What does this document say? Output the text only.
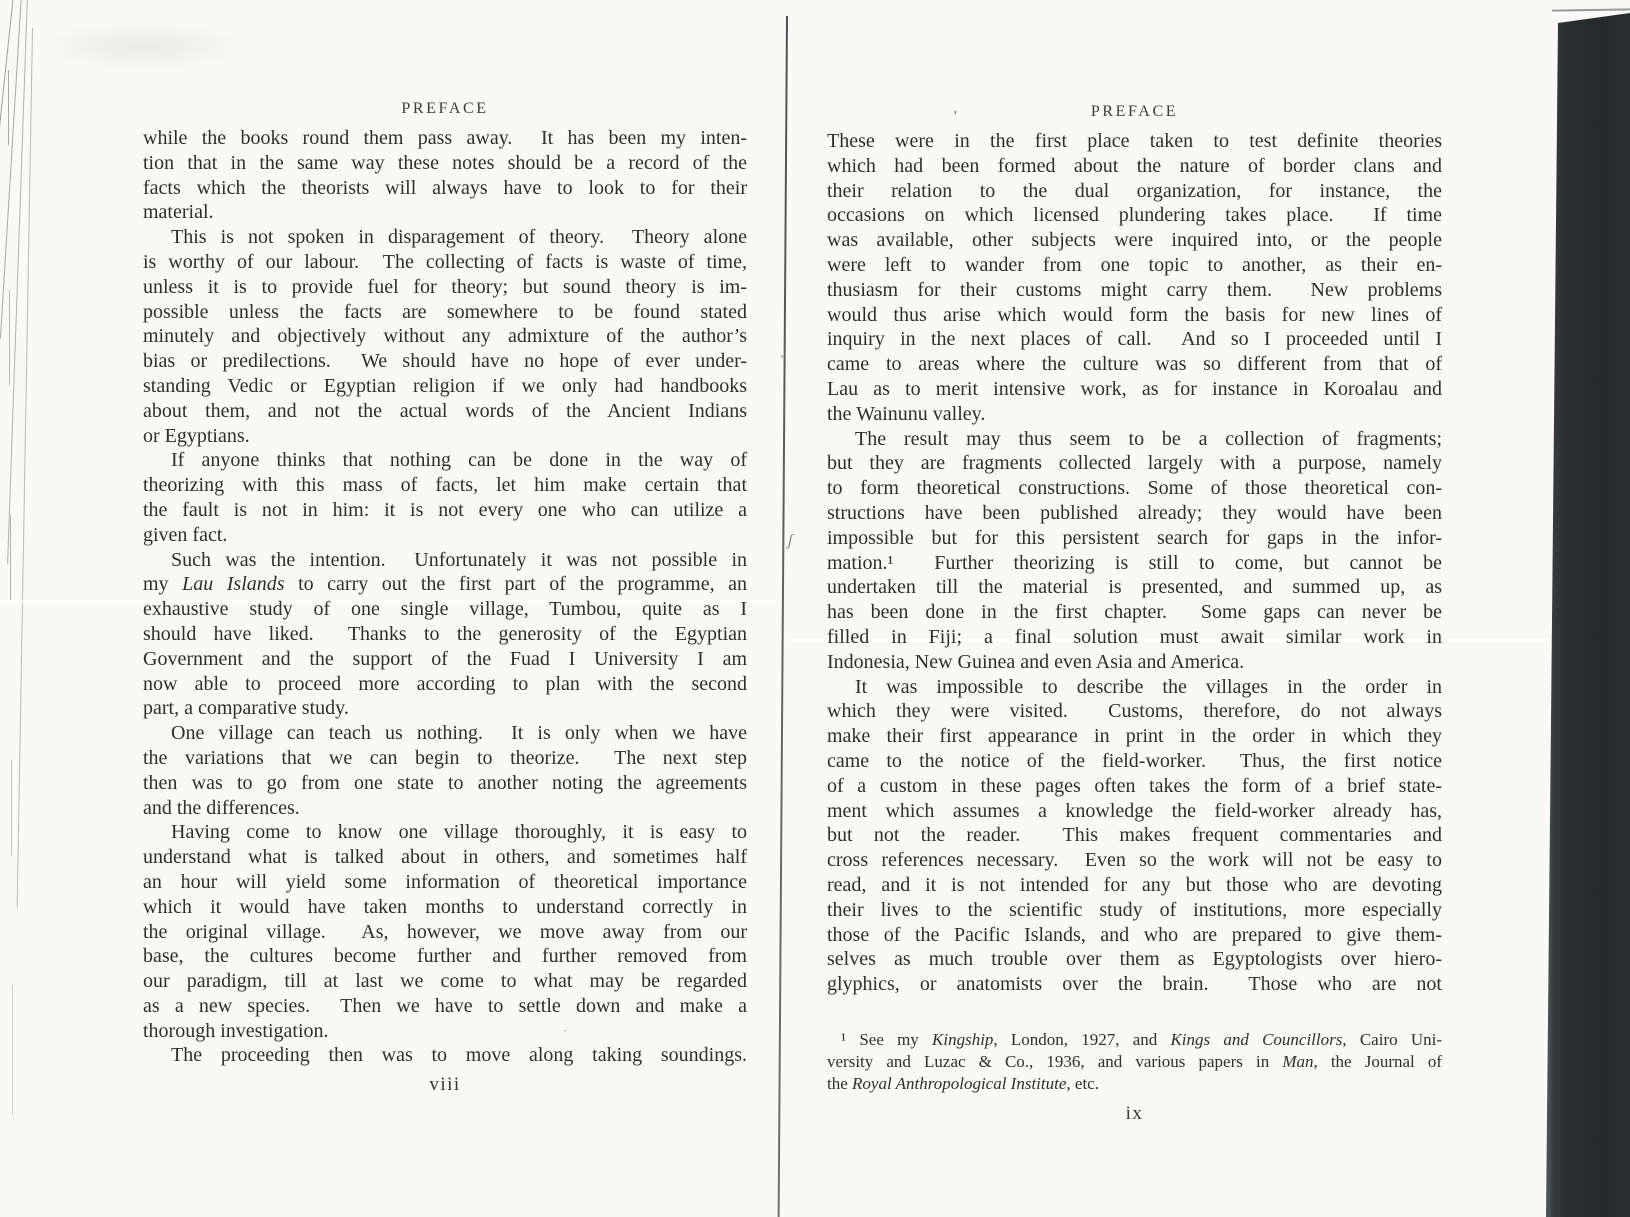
PREFACE
while the books round them pass away.  It has been my inten-
tion that in the same way these notes should be a record of the
facts which the theorists will always have to look to for their
material.
This is not spoken in disparagement of theory.  Theory alone
is worthy of our labour.  The collecting of facts is waste of time,
unless it is to provide fuel for theory; but sound theory is im-
possible unless the facts are somewhere to be found stated
minutely and objectively without any admixture of the author’s
bias or predilections.  We should have no hope of ever under-
standing Vedic or Egyptian religion if we only had handbooks
about them, and not the actual words of the Ancient Indians
or Egyptians.
If anyone thinks that nothing can be done in the way of
theorizing with this mass of facts, let him make certain that
the fault is not in him: it is not every one who can utilize a
given fact.
Such was the intention.  Unfortunately it was not possible in
my Lau Islands to carry out the first part of the programme, an
exhaustive study of one single village, Tumbou, quite as I
should have liked.  Thanks to the generosity of the Egyptian
Government and the support of the Fuad I University I am
now able to proceed more according to plan with the second
part, a comparative study.
One village can teach us nothing.  It is only when we have
the variations that we can begin to theorize.  The next step
then was to go from one state to another noting the agreements
and the differences.
Having come to know one village thoroughly, it is easy to
understand what is talked about in others, and sometimes half
an hour will yield some information of theoretical importance
which it would have taken months to understand correctly in
the original village.  As, however, we move away from our
base, the cultures become further and further removed from
our paradigm, till at last we come to what may be regarded
as a new species.  Then we have to settle down and make a
thorough investigation.
The proceeding then was to move along taking soundings.
viii
PREFACE
These were in the first place taken to test definite theories
which had been formed about the nature of border clans and
their relation to the dual organization, for instance, the
occasions on which licensed plundering takes place.  If time
was available, other subjects were inquired into, or the people
were left to wander from one topic to another, as their en-
thusiasm for their customs might carry them.  New problems
would thus arise which would form the basis for new lines of
inquiry in the next places of call.  And so I proceeded until I
came to areas where the culture was so different from that of
Lau as to merit intensive work, as for instance in Koroalau and
the Wainunu valley.
The result may thus seem to be a collection of fragments;
but they are fragments collected largely with a purpose, namely
to form theoretical constructions. Some of those theoretical con-
structions have been published already; they would have been
impossible but for this persistent search for gaps in the infor-
mation.¹  Further theorizing is still to come, but cannot be
undertaken till the material is presented, and summed up, as
has been done in the first chapter.  Some gaps can never be
filled in Fiji; a final solution must await similar work in
Indonesia, New Guinea and even Asia and America.
It was impossible to describe the villages in the order in
which they were visited.  Customs, therefore, do not always
make their first appearance in print in the order in which they
came to the notice of the field-worker.  Thus, the first notice
of a custom in these pages often takes the form of a brief state-
ment which assumes a knowledge the field-worker already has,
but not the reader.  This makes frequent commentaries and
cross references necessary.  Even so the work will not be easy to
read, and it is not intended for any but those who are devoting
their lives to the scientific study of institutions, more especially
those of the Pacific Islands, and who are prepared to give them-
selves as much trouble over them as Egyptologists over hiero-
glyphics, or anatomists over the brain.  Those who are not
¹ See my Kingship, London, 1927, and Kings and Councillors, Cairo Uni-
versity and Luzac & Co., 1936, and various papers in Man, the Journal of
the Royal Anthropological Institute, etc.
ix
’
’
ʃ
·
